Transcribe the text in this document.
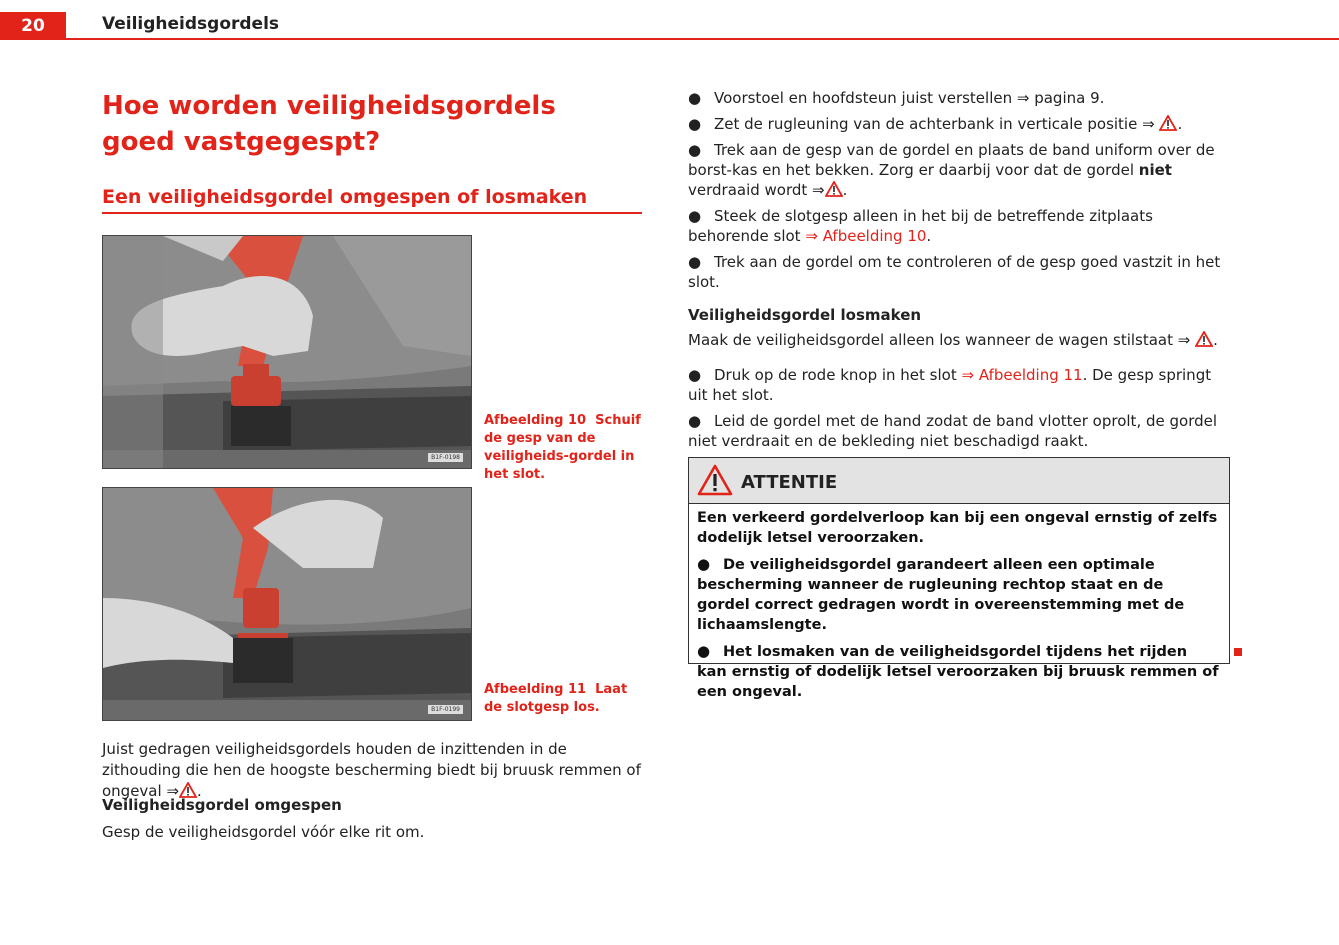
20	Veiligheidsgordels
Hoe worden veiligheidsgordels goed vastgegespt?
Een veiligheidsgordel omgespen of losmaken
B1F-0198
Afbeelding 10 Schuif de gesp van de veiligheids-gordel in het slot.
B1F-0199
Afbeelding 11 Laat de slotgesp los.
Juist gedragen veiligheidsgordels houden de inzittenden in de zithouding die hen de hoogste bescherming biedt bij bruusk remmen of ongeval ⇒ .
Veiligheidsgordel omgespen
Gesp de veiligheidsgordel vóór elke rit om.
● Voorstoel en hoofdsteun juist verstellen ⇒ pagina 9.
● Zet de rugleuning van de achterbank in verticale positie ⇒ .
● Trek aan de gesp van de gordel en plaats de band uniform over de borst-kas en het bekken. Zorg er daarbij voor dat de gordel niet verdraaid wordt ⇒ .
● Steek de slotgesp alleen in het bij de betreffende zitplaats behorende slot ⇒ Afbeelding 10.
● Trek aan de gordel om te controleren of de gesp goed vastzit in het slot.
Veiligheidsgordel losmaken
Maak de veiligheidsgordel alleen los wanneer de wagen stilstaat ⇒ .
● Druk op de rode knop in het slot ⇒ Afbeelding 11. De gesp springt uit het slot.
● Leid de gordel met de hand zodat de band vlotter oprolt, de gordel niet verdraait en de bekleding niet beschadigd raakt.
ATTENTIE

Een verkeerd gordelverloop kan bij een ongeval ernstig of zelfs dodelijk letsel veroorzaken.

● De veiligheidsgordel garandeert alleen een optimale bescherming wanneer de rugleuning rechtop staat en de gordel correct gedragen wordt in overeenstemming met de lichaamslengte.

● Het losmaken van de veiligheidsgordel tijdens het rijden kan ernstig of dodelijk letsel veroorzaken bij bruusk remmen of een ongeval.
